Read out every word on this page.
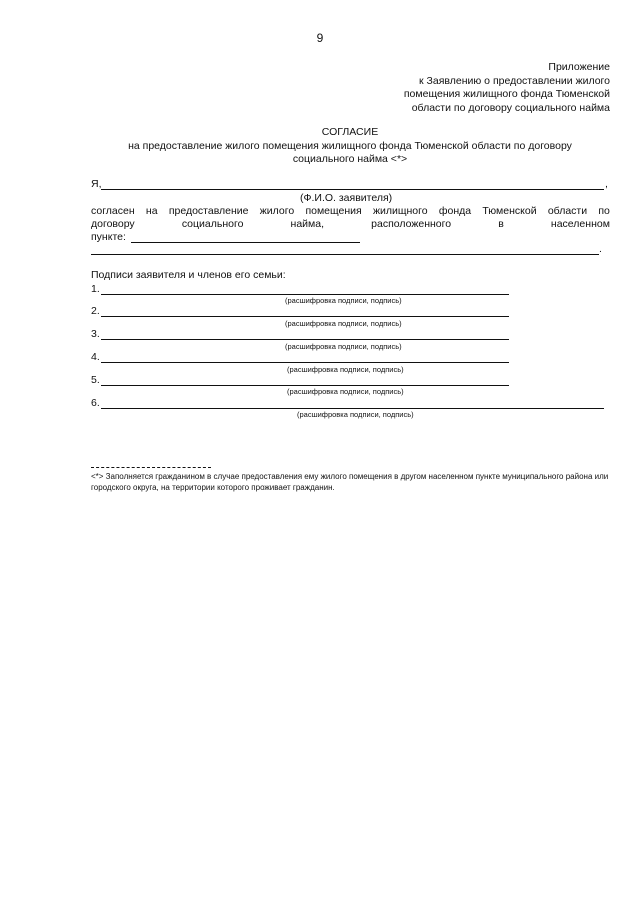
9
Приложение
к Заявлению о предоставлении жилого
помещения жилищного фонда Тюменской
области по договору социального найма
СОГЛАСИЕ
на предоставление жилого помещения жилищного фонда Тюменской области по договору
социального найма <*>
Я,	,
(Ф.И.О. заявителя)
согласен на предоставление жилого помещения жилищного фонда Тюменской области по
договору	социального	найма,	расположенного	в	населенном
пункте:
.
Подписи заявителя и членов его семьи:
1.
(расшифровка подписи, подпись)
2.
(расшифровка подписи, подпись)
3.
(расшифровка подписи, подпись)
4.
(расшифровка подписи, подпись)
5.
(расшифровка подписи, подпись)
6.
(расшифровка подписи, подпись)
<*> Заполняется гражданином в случае предоставления ему жилого помещения в другом населенном пункте муниципального района или городского округа, на территории которого проживает гражданин.
